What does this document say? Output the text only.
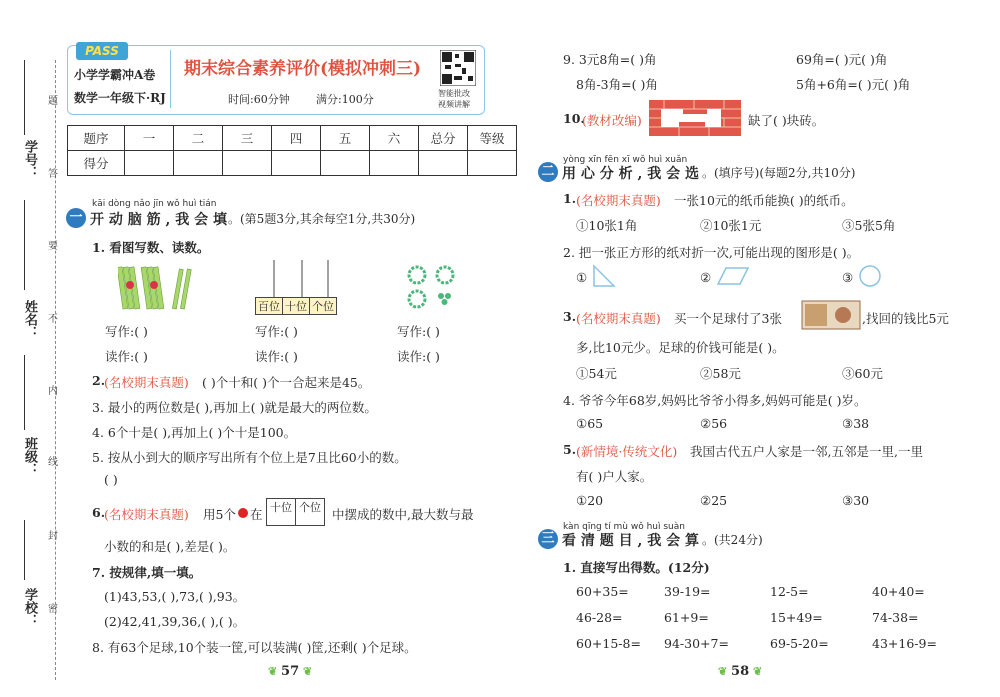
学校：
班级：
姓名：
学号：
密
封
线
内
不
要
答
题
PASS
小学学霸冲A卷
数学一年级下·RJ
期末综合素养评价(模拟冲刺三)
时间:60分钟 满分:100分	智能批改
视频讲解
题序	一	二	三	四	五	六	总分	等级
得分								
kāi dòng nǎo jīn wǒ huì tián
一 开 动 脑 筋 , 我 会 填 。(第5题3分,其余每空1分,共30分)
1. 看图写数、读数。
百位 十位 个位
写作:( )	写作:( )	写作:( )
读作:( )	读作:( )	读作:( )
2.
(名校期末真题) ( )个十和( )个一合起来是45。
3. 最小的两位数是( ),再加上( )就是最大的两位数。
4. 6个十是( ),再加上( )个十是100。
5. 按从小到大的顺序写出所有个位上是7且比60小的数。
( )
6.
(名校期末真题) 用5个 在 十位 个位 中摆成的数中,最大数与最
小数的和是( ),差是( )。
7. 按规律,填一填。
(1)43,53,( ),73,( ),93。
(2)42,41,39,36,( ),( )。
8. 有63个足球,10个装一筐,可以装满( )筐,还剩( )个足球。
❦ 57 ❦
9. 3元8角=( )角	69角=( )元( )角
8角-3角=( )角	5角+6角=( )元( )角
10.
(教材改编)	缺了( )块砖。
yòng xīn fēn xī wǒ huì xuǎn
二 用 心 分 析 , 我 会 选 。(填序号)(每题2分,共10分)
1. (名校期末真题) 一张10元的纸币能换( )的纸币。
①10张1角	②10张1元	③5张5角
2. 把一张正方形的纸对折一次,可能出现的图形是( )。
①	②	③
3. (名校期末真题) 买一个足球付了3张	,找回的钱比5元
多,比10元少。足球的价钱可能是( )。
①54元	②58元	③60元
4. 爷爷今年68岁,妈妈比爷爷小得多,妈妈可能是( )岁。
①65	②56	③38
5. (新情境·传统文化) 我国古代五户人家是一邻,五邻是一里,一里
有( )户人家。
①20	②25	③30
kàn qīng tí mù wǒ huì suàn
三 看 清 题 目 , 我 会 算 。(共24分)
1. 直接写出得数。(12分)
60+35=	39-19=	12-5=	40+40=
46-28=	61+9=	15+49=	74-38=
60+15-8= 94-30+7=	69-5-20=	43+16-9=
❦ 58 ❦
